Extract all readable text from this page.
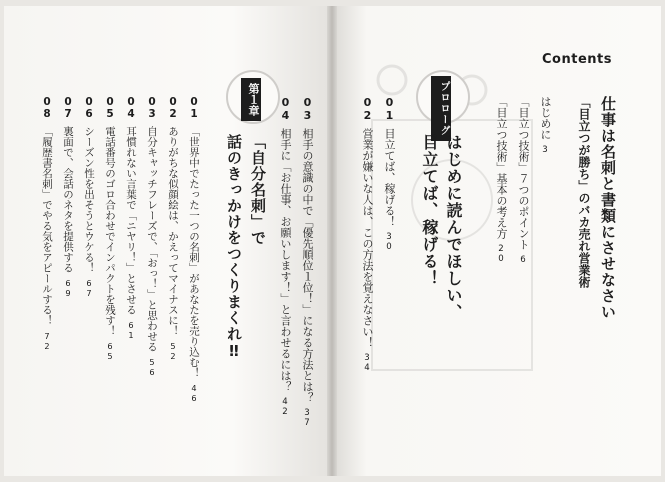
Contents
仕事は名刺と書類にさせなさい
「目立つが勝ち」のバカ売れ営業術
はじめに3
「目立つ技術」７つのポイント6
「目立つ技術」基本の考え方20
プロローグ
はじめに読んでほしい、
目立てば、稼げる！
01目立てば、稼げる！30
02営業が嫌いな人は、この方法を覚えなさい！34
03相手の意識の中で「優先順位１位！」になる方法とは？37
04相手に「お仕事、お願いします！」と言わせるには？42
第１章
「自分名刺」で
話のきっかけをつくりまくれ‼
01「世界中でたった一つの名刺」があなたを売り込む！46
02ありがちな似顔絵は、かえってマイナスに！52
03自分キャッチフレーズで、「おっ！」と思わせる56
04耳慣れない言葉で「ニヤリ！」とさせる61
05電話番号のゴロ合わせでインパクトを残す！65
06シーズン性を出そうとウケる！67
07裏面で、会話のネタを提供する69
08「履歴書名刺」でやる気をアピールする！72
